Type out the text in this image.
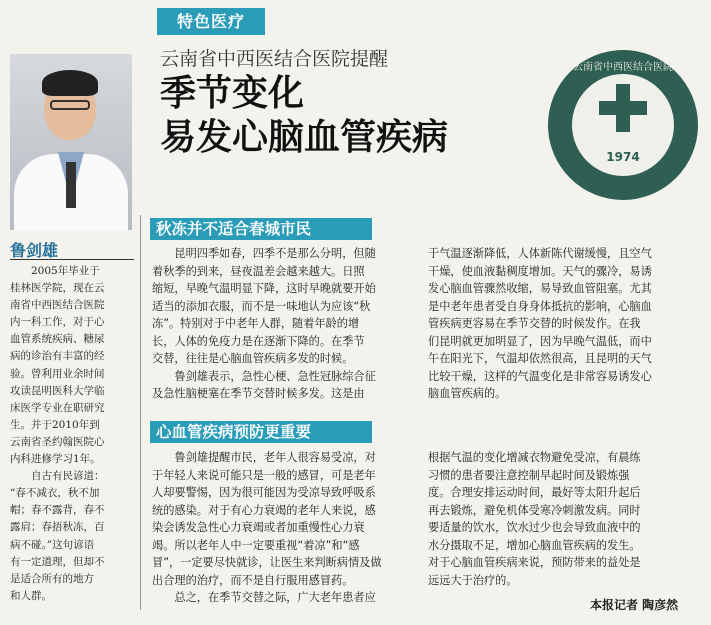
特色医疗
云南省中西医结合医院提醒
季节变化
易发心脑血管疾病
云南省中西医结合医院
1974
鲁剑雄
　　2005年毕业于
桂林医学院，现在云
南省中西医结合医院
内一科工作，对于心
血管系统疾病、糖尿
病的诊治有丰富的经
验。曾利用业余时间
攻读昆明医科大学临
床医学专业在职研究
生。并于2010年到
云南省圣约翰医院心
内科进修学习1年。
　　自古有民谚道：
“春不减衣，秋不加
帽；春不露背，春不
露肩；春捂秋冻，百
病不碰。”这句谚语
有一定道理，但却不
是适合所有的地方
和人群。
秋冻并不适合春城市民
　　昆明四季如春，四季不是那么分明，但随
着秋季的到来，昼夜温差会越来越大。日照
缩短，早晚气温明显下降，这时早晚就要开始
适当的添加衣服，而不是一味地认为应该“秋
冻”。特别对于中老年人群，随着年龄的增
长，人体的免疫力是在逐渐下降的。在季节
交替，往往是心脑血管疾病多发的时候。
　　鲁剑雄表示，急性心梗、急性冠脉综合征
及急性脑梗塞在季节交替时候多发。这是由
于气温逐渐降低，人体新陈代谢缓慢，且空气
干燥，使血液黏稠度增加。天气的骤冷，易诱
发心脑血管骤然收缩，易导致血管阻塞。尤其
是中老年患者受自身身体抵抗的影响，心脑血
管疾病更容易在季节交替的时候发作。在我
们昆明就更加明显了，因为早晚气温低，而中
午在阳光下，气温却依然很高，且昆明的天气
比较干燥，这样的气温变化是非常容易诱发心
脑血管疾病的。
心血管疾病预防更重要
　　鲁剑雄提醒市民，老年人很容易受凉，对
于年轻人来说可能只是一般的感冒，可是老年
人却要警惕，因为很可能因为受凉导致呼吸系
统的感染。对于有心力衰竭的老年人来说，感
染会诱发急性心力衰竭或者加重慢性心力衰
竭。所以老年人中一定要重视“着凉”和“感
冒”，一定要尽快就诊，让医生来判断病情及做
出合理的治疗，而不是自行服用感冒药。
　　总之，在季节交替之际，广大老年患者应
根据气温的变化增减衣物避免受凉，有晨练
习惯的患者要注意控制早起时间及锻炼强
度。合理安排运动时间，最好等太阳升起后
再去锻炼，避免机体受寒冷刺激发病。同时
要适量的饮水，饮水过少也会导致血液中的
水分摄取不足，增加心脑血管疾病的发生。
对于心脑血管疾病来说，预防带来的益处是
远远大于治疗的。
本报记者 陶彦然
